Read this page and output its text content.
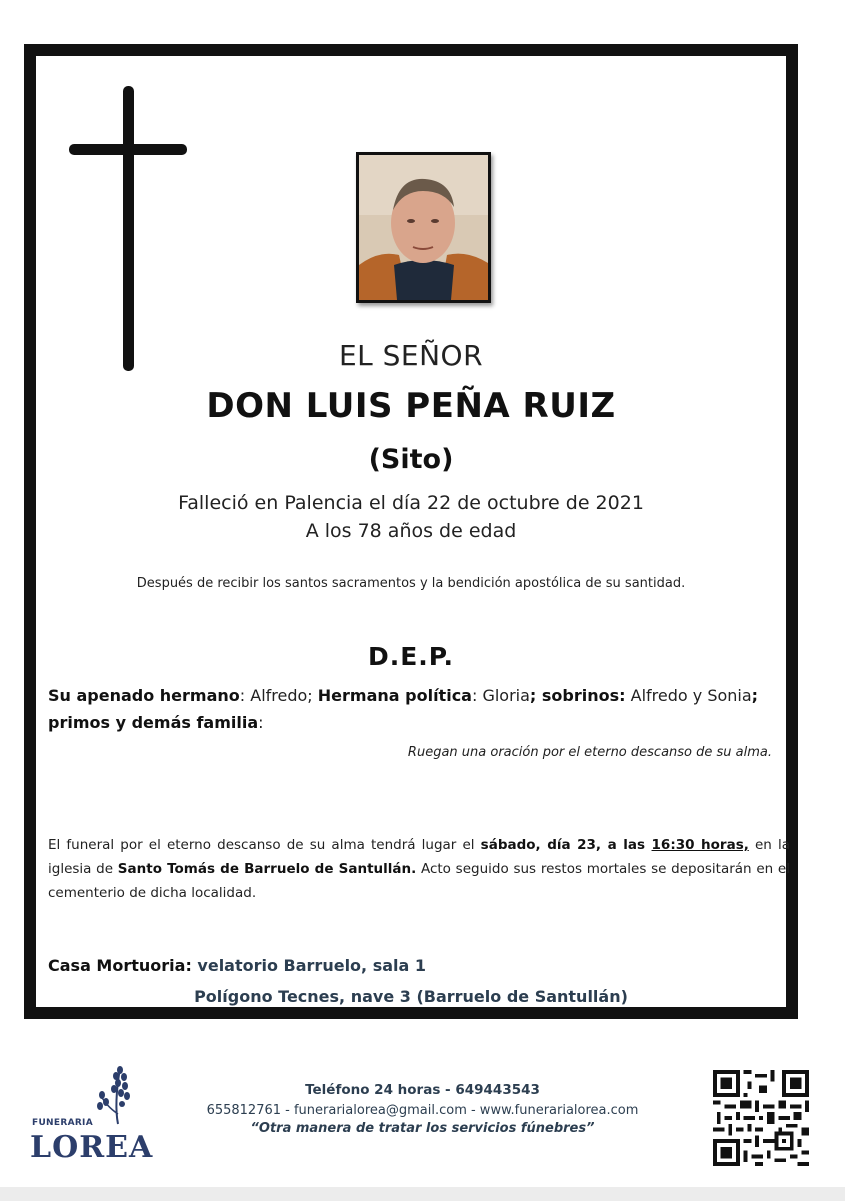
EL SEÑOR
DON LUIS PEÑA RUIZ
(Sito)
Falleció en Palencia el día 22 de octubre de 2021
A los 78 años de edad
Después de recibir los santos sacramentos y la bendición apostólica de su santidad.
D.E.P.
Su apenado hermano: Alfredo; Hermana política: Gloria; sobrinos: Alfredo y Sonia; primos y demás familia:
Ruegan una oración por el eterno descanso de su alma.
El funeral por el eterno descanso de su alma tendrá lugar el sábado, día 23, a las 16:30 horas, en la iglesia de Santo Tomás de Barruelo de Santullán. Acto seguido sus restos mortales se depositarán en el cementerio de dicha localidad.
Casa Mortuoria: velatorio Barruelo, sala 1
Polígono Tecnes, nave 3 (Barruelo de Santullán)
FUNERARIA
LOREA
Teléfono 24 horas - 649443543
655812761 - funerarialorea@gmail.com - www.funerarialorea.com
“Otra manera de tratar los servicios fúnebres”
